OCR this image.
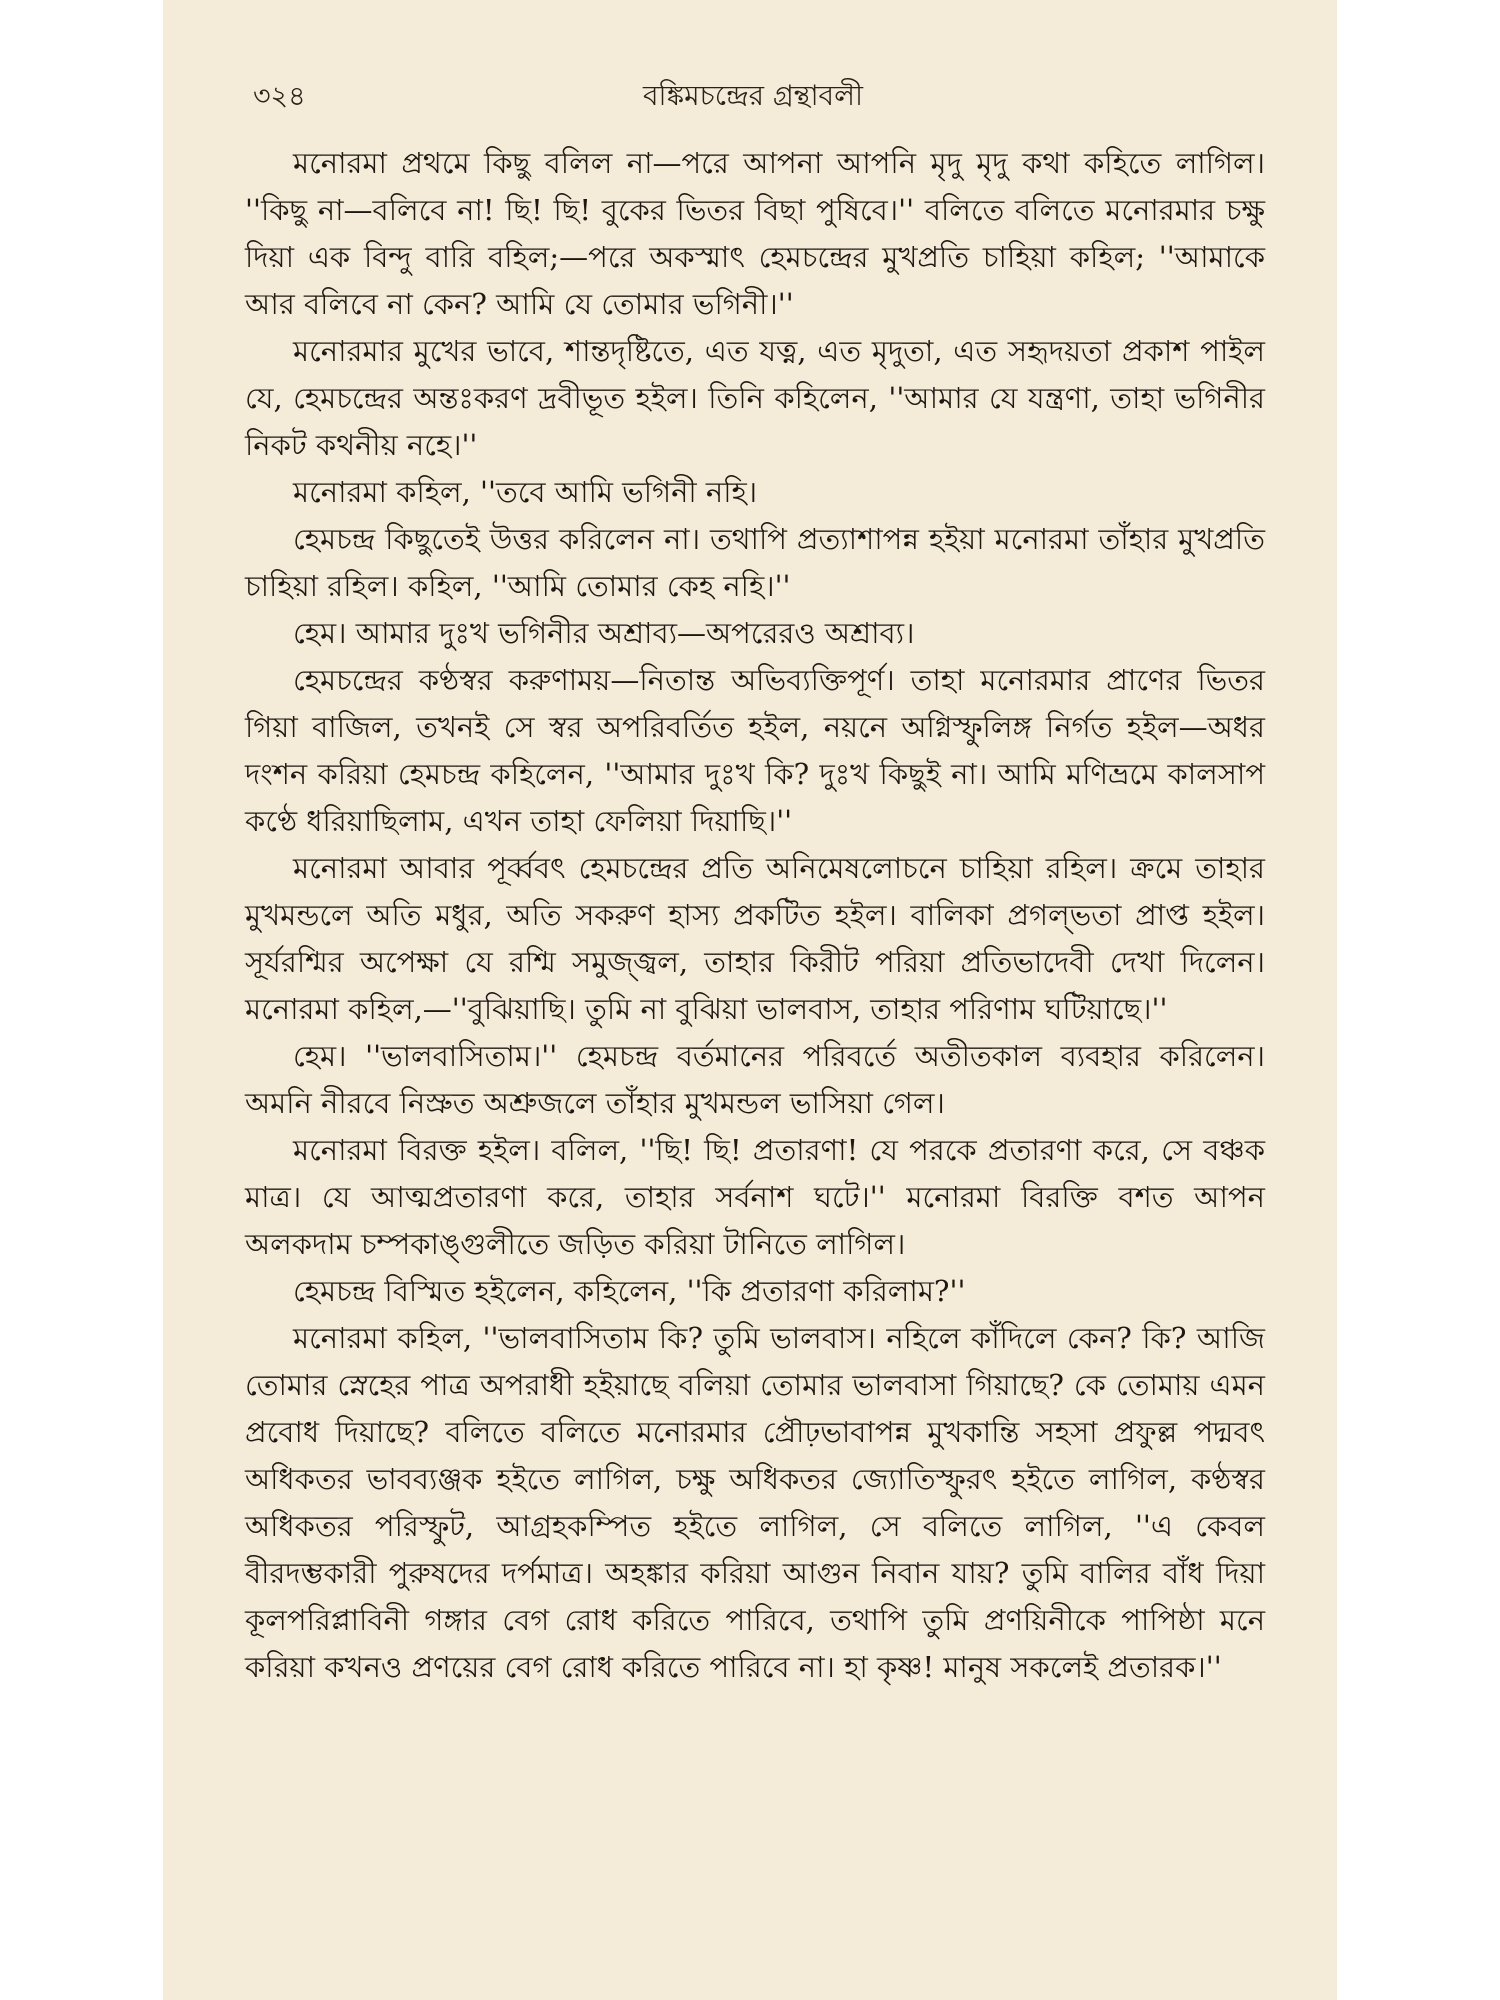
৩২৪	বঙ্কিমচন্দ্রের গ্রন্থাবলী

মনোরমা প্রথমে কিছু বলিল না—পরে আপনা আপনি মৃদু মৃদু কথা কহিতে লাগিল। ''কিছু না—বলিবে না! ছি! ছি! বুকের ভিতর বিছা পুষিবে।'' বলিতে বলিতে মনোরমার চক্ষু দিয়া এক বিন্দু বারি বহিল;—পরে অকস্মাৎ হেমচন্দ্রের মুখপ্রতি চাহিয়া কহিল; ''আমাকে আর বলিবে না কেন? আমি যে তোমার ভগিনী।''

মনোরমার মুখের ভাবে, শান্তদৃষ্টিতে, এত যত্ন, এত মৃদুতা, এত সহৃদয়তা প্রকাশ পাইল যে, হেমচন্দ্রের অন্তঃকরণ দ্রবীভূত হইল। তিনি কহিলেন, ''আমার যে যন্ত্রণা, তাহা ভগিনীর নিকট কথনীয় নহে।''

মনোরমা কহিল, ''তবে আমি ভগিনী নহি।

হেমচন্দ্র কিছুতেই উত্তর করিলেন না। তথাপি প্রত্যাশাপন্ন হইয়া মনোরমা তাঁহার মুখপ্রতি চাহিয়া রহিল। কহিল, ''আমি তোমার কেহ নহি।''

হেম। আমার দুঃখ ভগিনীর অশ্রাব্য—অপরেরও অশ্রাব্য।

হেমচন্দ্রের কণ্ঠস্বর করুণাময়—নিতান্ত অভিব্যক্তিপূর্ণ। তাহা মনোরমার প্রাণের ভিতর গিয়া বাজিল, তখনই সে স্বর অপরিবর্তিত হইল, নয়নে অগ্নিস্ফুলিঙ্গ নির্গত হইল—অধর দংশন করিয়া হেমচন্দ্র কহিলেন, ''আমার দুঃখ কি? দুঃখ কিছুই না। আমি মণিভ্রমে কালসাপ কণ্ঠে ধরিয়াছিলাম, এখন তাহা ফেলিয়া দিয়াছি।''

মনোরমা আবার পূর্ব্ববৎ হেমচন্দ্রের প্রতি অনিমেষলোচনে চাহিয়া রহিল। ক্রমে তাহার মুখমন্ডলে অতি মধুর, অতি সকরুণ হাস্য প্রকটিত হইল। বালিকা প্রগল্ভতা প্রাপ্ত হইল। সূর্যরশ্মির অপেক্ষা যে রশ্মি সমুজ্জ্বল, তাহার কিরীট পরিয়া প্রতিভাদেবী দেখা দিলেন। মনোরমা কহিল,—''বুঝিয়াছি। তুমি না বুঝিয়া ভালবাস, তাহার পরিণাম ঘটিয়াছে।''

হেম। ''ভালবাসিতাম।'' হেমচন্দ্র বর্তমানের পরিবর্তে অতীতকাল ব্যবহার করিলেন। অমনি নীরবে নিস্রুত অশ্রুজলে তাঁহার মুখমন্ডল ভাসিয়া গেল।

মনোরমা বিরক্ত হইল। বলিল, ''ছি! ছি! প্রতারণা! যে পরকে প্রতারণা করে, সে বঞ্চক মাত্র। যে আত্মপ্রতারণা করে, তাহার সর্বনাশ ঘটে।'' মনোরমা বিরক্তি বশত আপন অলকদাম চম্পকাঙ্গুলীতে জড়িত করিয়া টানিতে লাগিল।

হেমচন্দ্র বিস্মিত হইলেন, কহিলেন, ''কি প্রতারণা করিলাম?''

মনোরমা কহিল, ''ভালবাসিতাম কি? তুমি ভালবাস। নহিলে কাঁদিলে কেন? কি? আজি তোমার স্নেহের পাত্র অপরাধী হইয়াছে বলিয়া তোমার ভালবাসা গিয়াছে? কে তোমায় এমন প্রবোধ দিয়াছে? বলিতে বলিতে মনোরমার প্রৌঢ়ভাবাপন্ন মুখকান্তি সহসা প্রফুল্ল পদ্মবৎ অধিকতর ভাবব্যঞ্জক হইতে লাগিল, চক্ষু অধিকতর জ্যোতিস্ফুরৎ হইতে লাগিল, কণ্ঠস্বর অধিকতর পরিস্ফুট, আগ্রহকম্পিত হইতে লাগিল, সে বলিতে লাগিল, ''এ কেবল বীরদম্ভকারী পুরুষদের দর্পমাত্র। অহঙ্কার করিয়া আগুন নিবান যায়? তুমি বালির বাঁধ দিয়া কূলপরিপ্লাবিনী গঙ্গার বেগ রোধ করিতে পারিবে, তথাপি তুমি প্রণয়িনীকে পাপিষ্ঠা মনে করিয়া কখনও প্রণয়ের বেগ রোধ করিতে পারিবে না। হা কৃষ্ণ! মানুষ সকলেই প্রতারক।''
